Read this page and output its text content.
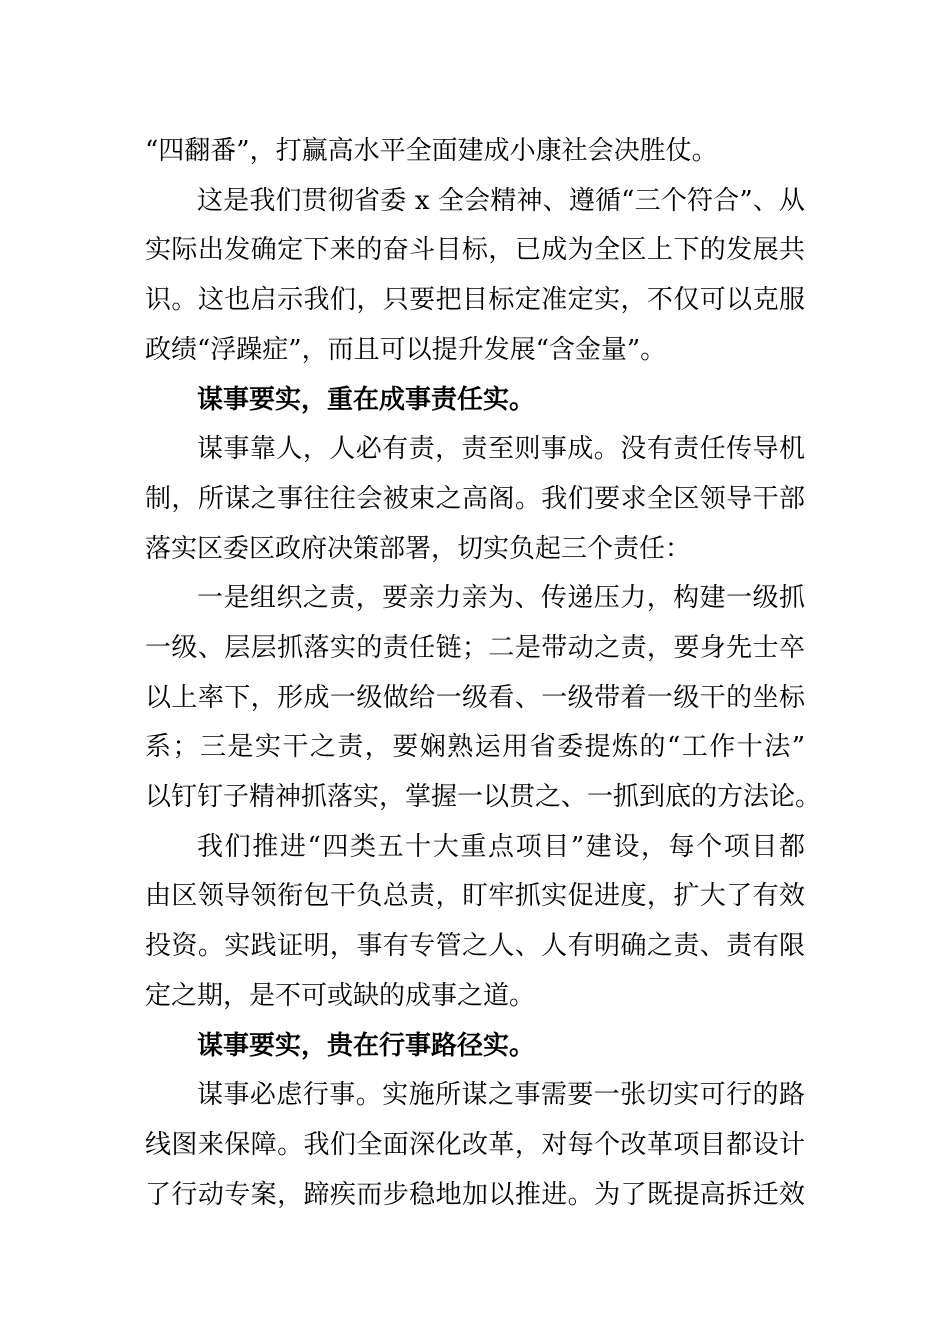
“四翻番”，打赢高水平全面建成小康社会决胜仗。
这是我们贯彻省委 x 全会精神、遵循“三个符合”、从
实际出发确定下来的奋斗目标，已成为全区上下的发展共
识。这也启示我们，只要把目标定准定实，不仅可以克服
政绩“浮躁症”，而且可以提升发展“含金量”。
谋事要实，重在成事责任实。
谋事靠人，人必有责，责至则事成。没有责任传导机
制，所谋之事往往会被束之高阁。我们要求全区领导干部
落实区委区政府决策部署，切实负起三个责任：
一是组织之责，要亲力亲为、传递压力，构建一级抓
一级、层层抓落实的责任链；二是带动之责，要身先士卒
以上率下，形成一级做给一级看、一级带着一级干的坐标
系；三是实干之责，要娴熟运用省委提炼的“工作十法”
以钉钉子精神抓落实，掌握一以贯之、一抓到底的方法论。
我们推进“四类五十大重点项目”建设，每个项目都
由区领导领衔包干负总责，盯牢抓实促进度，扩大了有效
投资。实践证明，事有专管之人、人有明确之责、责有限
定之期，是不可或缺的成事之道。
谋事要实，贵在行事路径实。
谋事必虑行事。实施所谋之事需要一张切实可行的路
线图来保障。我们全面深化改革，对每个改革项目都设计
了行动专案，蹄疾而步稳地加以推进。为了既提高拆迁效
